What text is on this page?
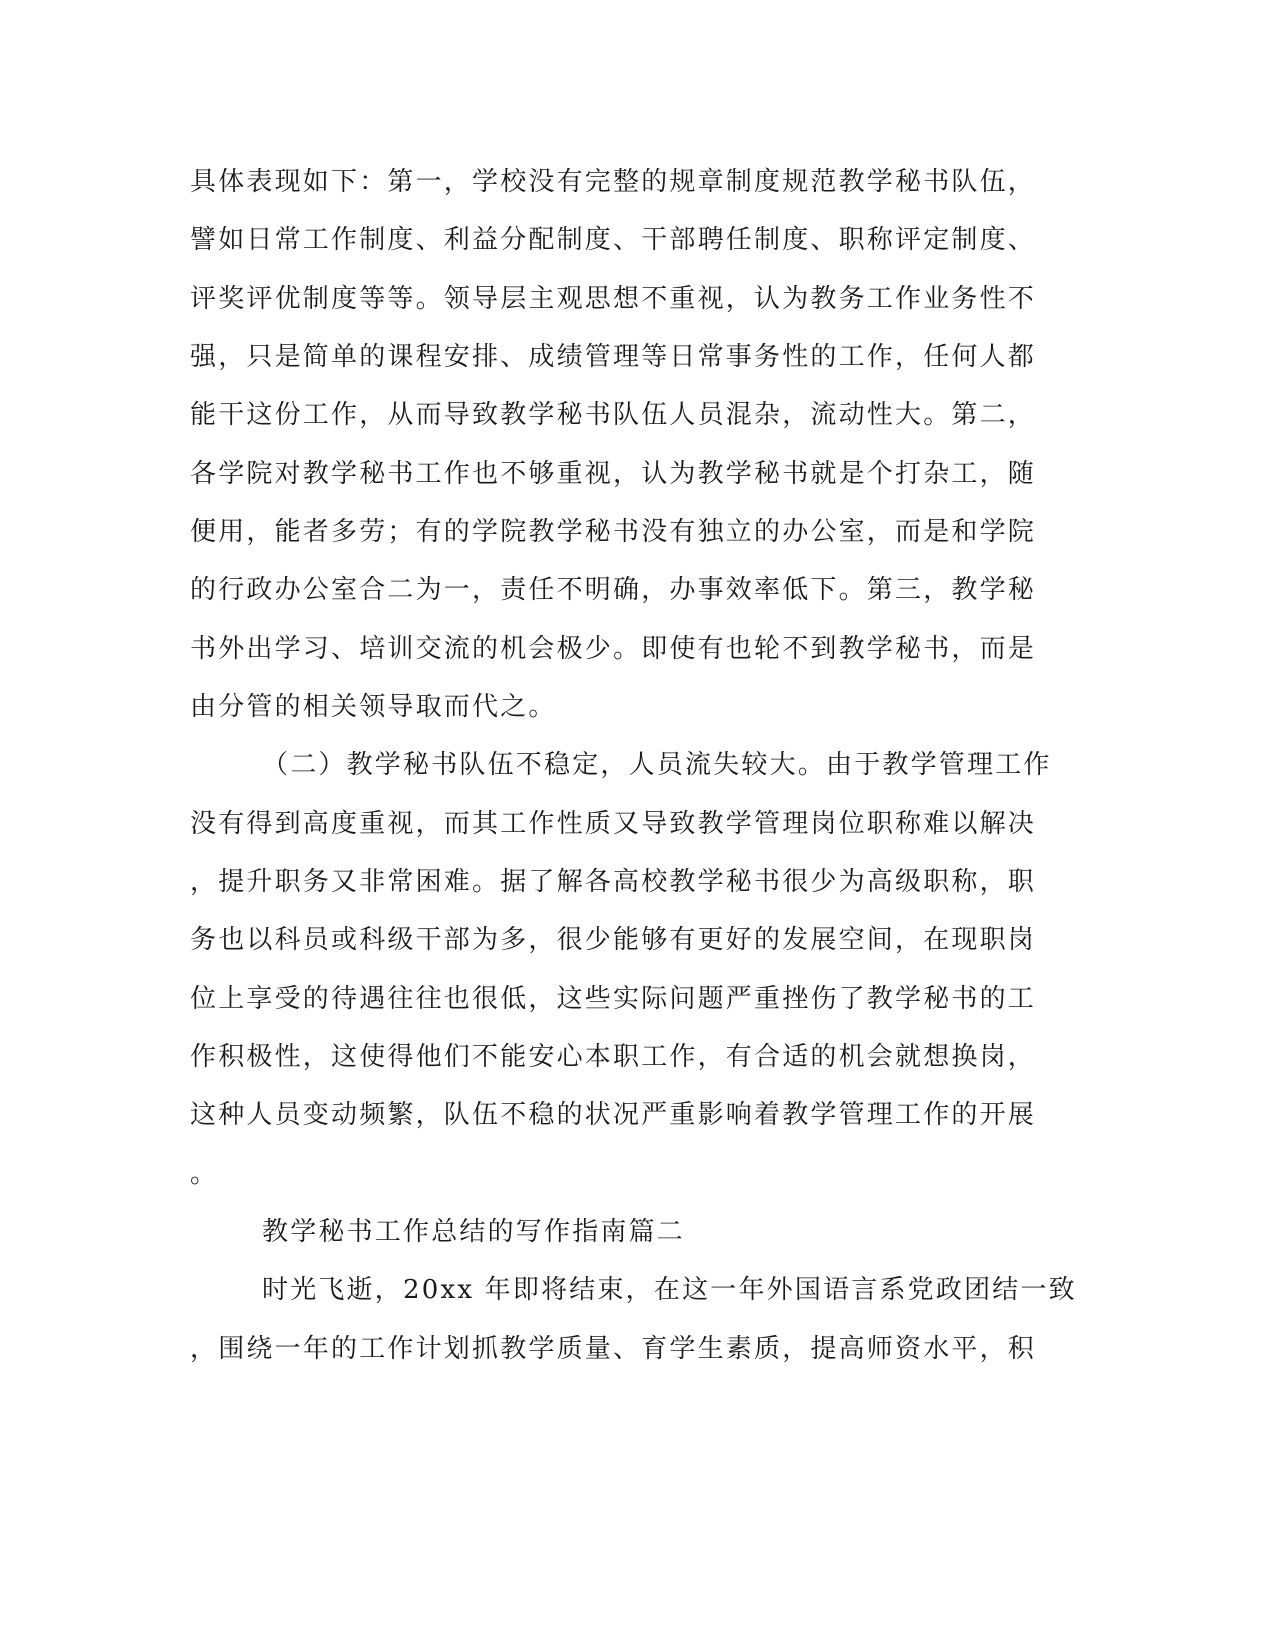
具体表现如下：第一，学校没有完整的规章制度规范教学秘书队伍，
譬如日常工作制度、利益分配制度、干部聘任制度、职称评定制度、
评奖评优制度等等。领导层主观思想不重视，认为教务工作业务性不
强，只是简单的课程安排、成绩管理等日常事务性的工作，任何人都
能干这份工作，从而导致教学秘书队伍人员混杂，流动性大。第二，
各学院对教学秘书工作也不够重视，认为教学秘书就是个打杂工，随
便用，能者多劳；有的学院教学秘书没有独立的办公室，而是和学院
的行政办公室合二为一，责任不明确，办事效率低下。第三，教学秘
书外出学习、培训交流的机会极少。即使有也轮不到教学秘书，而是
由分管的相关领导取而代之。
（二）教学秘书队伍不稳定，人员流失较大。由于教学管理工作
没有得到高度重视，而其工作性质又导致教学管理岗位职称难以解决
，提升职务又非常困难。据了解各高校教学秘书很少为高级职称，职
务也以科员或科级干部为多，很少能够有更好的发展空间，在现职岗
位上享受的待遇往往也很低，这些实际问题严重挫伤了教学秘书的工
作积极性，这使得他们不能安心本职工作，有合适的机会就想换岗，
这种人员变动频繁，队伍不稳的状况严重影响着教学管理工作的开展
。
教学秘书工作总结的写作指南篇二
时光飞逝，20xx 年即将结束，在这一年外国语言系党政团结一致
，围绕一年的工作计划抓教学质量、育学生素质，提高师资水平，积
